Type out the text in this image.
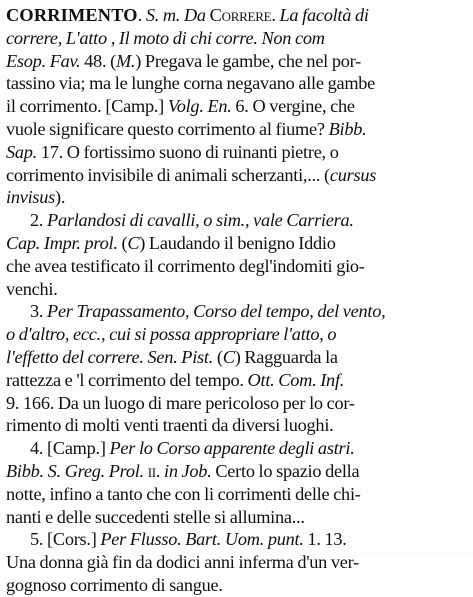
CORRIMENTO. S. m. Da Correre. La facoltà di
correre, L'atto , Il moto di chi corre. Non com
Esop. Fav. 48. (M.) Pregava le gambe, che nel por-
tassino via; ma le lunghe corna negavano alle gambe
il corrimento. [Camp.] Volg. En. 6. O vergine, che
vuole significare questo corrimento al fiume? Bibb.
Sap. 17. O fortissimo suono di ruinanti pietre, o
corrimento invisibile di animali scherzanti,... (cursus
invisus).
2. Parlandosi di cavalli, o sim., vale Carriera.
Cap. Impr. prol. (C) Laudando il benigno Iddio
che avea testificato il corrimento degl'indomiti gio-
venchi.
3. Per Trapassamento, Corso del tempo, del vento,
o d'altro, ecc., cui si possa appropriare l'atto, o
l'effetto del correre. Sen. Pist. (C) Ragguarda la
rattezza e 'l corrimento del tempo. Ott. Com. Inf.
9. 166. Da un luogo di mare pericoloso per lo cor-
rimento di molti venti traenti da diversi luoghi.
4. [Camp.] Per lo Corso apparente degli astri.
Bibb. S. Greg. Prol. ii. in Job. Certo lo spazio della
notte, infino a tanto che con li corrimenti delle chi-
nanti e delle succedenti stelle si allumina...
5. [Cors.] Per Flusso. Bart. Uom. punt. 1. 13.
Una donna già fin da dodici anni inferma d'un ver-
gognoso corrimento di sangue.
